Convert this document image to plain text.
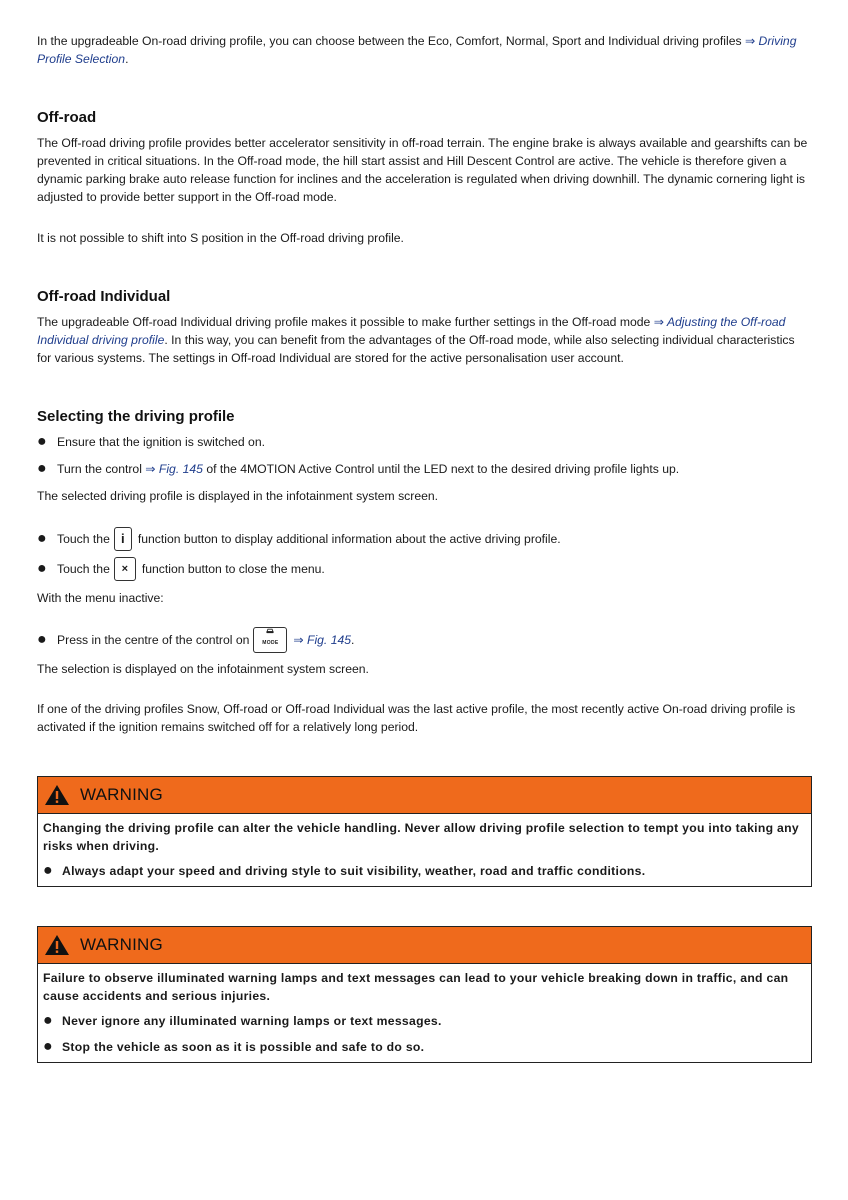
In the upgradeable On-road driving profile, you can choose between the Eco, Comfort, Normal, Sport and Individual driving profiles ⇒ Driving Profile Selection.

Off-road

The Off-road driving profile provides better accelerator sensitivity in off-road terrain. The engine brake is always available and gearshifts can be prevented in critical situations. In the Off-road mode, the hill start assist and Hill Descent Control are active. The vehicle is therefore given a dynamic parking brake auto release function for inclines and the acceleration is regulated when driving downhill. The dynamic cornering light is adjusted to provide better support in the Off-road mode.

It is not possible to shift into S position in the Off-road driving profile.

Off-road Individual

The upgradeable Off-road Individual driving profile makes it possible to make further settings in the Off-road mode ⇒ Adjusting the Off-road Individual driving profile. In this way, you can benefit from the advantages of the Off-road mode, while also selecting individual characteristics for various systems. The settings in Off-road Individual are stored for the active personalisation user account.

Selecting the driving profile
● Ensure that the ignition is switched on.
● Turn the control ⇒ Fig. 145 of the 4MOTION Active Control until the LED next to the desired driving profile lights up.

The selected driving profile is displayed in the infotainment system screen.

● Touch the i	function button to display additional information about the active driving profile.
● Touch the	×	function button to close the menu.

With the menu inactive:

● Press in the centre of the control on	MODE ⇒ Fig. 145 .

The selection is displayed on the infotainment system screen.

If one of the driving profiles Snow, Off-road or Off-road Individual was the last active profile, the most recently active On-road driving profile is activated if the ignition remains switched off for a relatively long period.

WARNING

Changing the driving profile can alter the vehicle handling. Never allow driving profile selection to tempt you into taking any risks when driving.

● Always adapt your speed and driving style to suit visibility, weather, road and traffic conditions.
WARNING

Failure to observe illuminated warning lamps and text messages can lead to your vehicle breaking down in traffic, and can cause accidents and serious injuries.

● Never ignore any illuminated warning lamps or text messages.
● Stop the vehicle as soon as it is possible and safe to do so.
